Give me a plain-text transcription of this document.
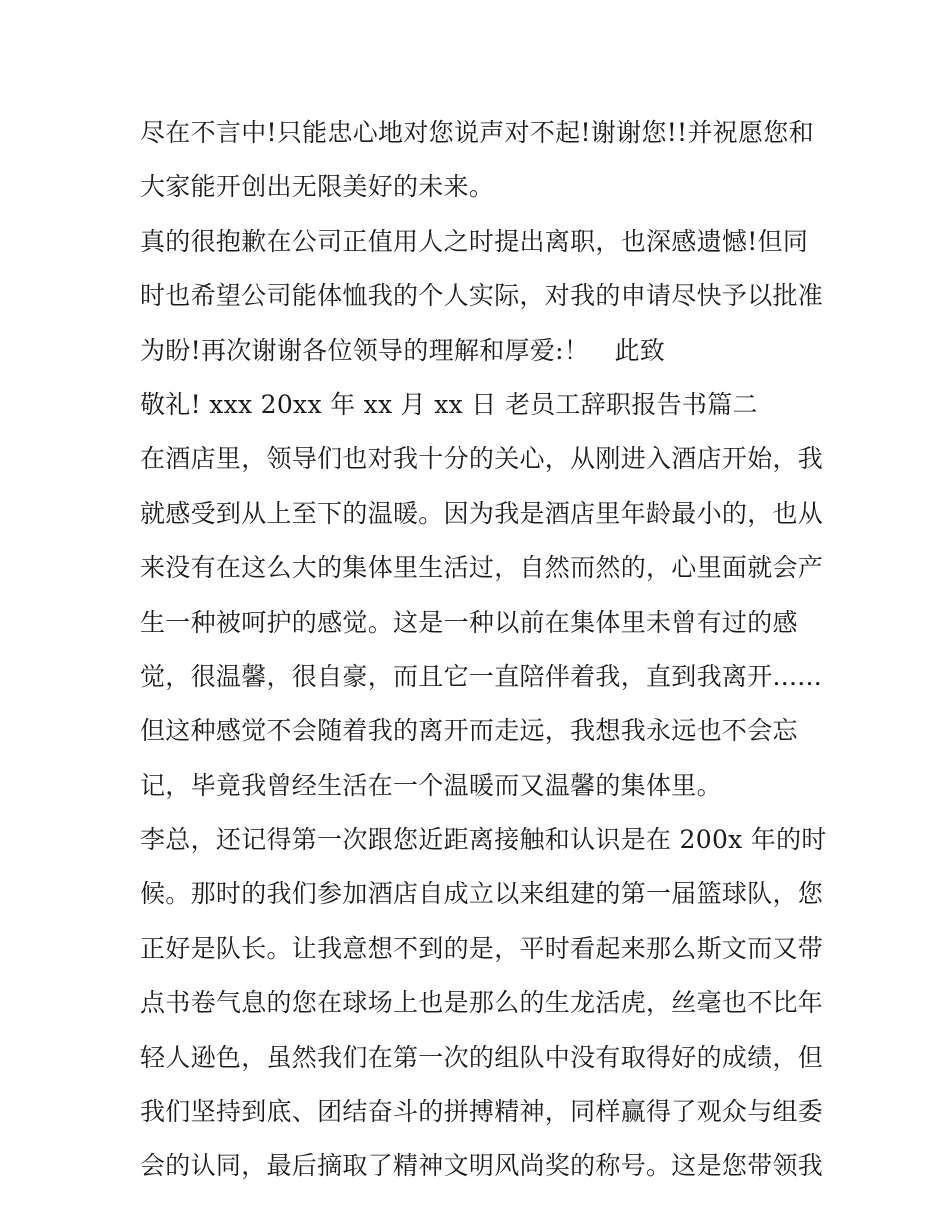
尽在不言中!只能忠心地对您说声对不起!谢谢您!!并祝愿您和
大家能开创出无限美好的未来。
真的很抱歉在公司正值用人之时提出离职，也深感遗憾!但同
时也希望公司能体恤我的个人实际，对我的申请尽快予以批准
为盼!再次谢谢各位领导的理解和厚爱:！　此致
敬礼! xxx 20xx 年 xx 月 xx 日 老员工辞职报告书篇二
在酒店里，领导们也对我十分的关心，从刚进入酒店开始，我
就感受到从上至下的温暖。因为我是酒店里年龄最小的，也从
来没有在这么大的集体里生活过，自然而然的，心里面就会产
生一种被呵护的感觉。这是一种以前在集体里未曾有过的感
觉，很温馨，很自豪，而且它一直陪伴着我，直到我离开......
但这种感觉不会随着我的离开而走远，我想我永远也不会忘
记，毕竟我曾经生活在一个温暖而又温馨的集体里。
李总，还记得第一次跟您近距离接触和认识是在 200x 年的时
候。那时的我们参加酒店自成立以来组建的第一届篮球队，您
正好是队长。让我意想不到的是，平时看起来那么斯文而又带
点书卷气息的您在球场上也是那么的生龙活虎，丝毫也不比年
轻人逊色，虽然我们在第一次的组队中没有取得好的成绩，但
我们坚持到底、团结奋斗的拼搏精神，同样赢得了观众与组委
会的认同，最后摘取了精神文明风尚奖的称号。这是您带领我
